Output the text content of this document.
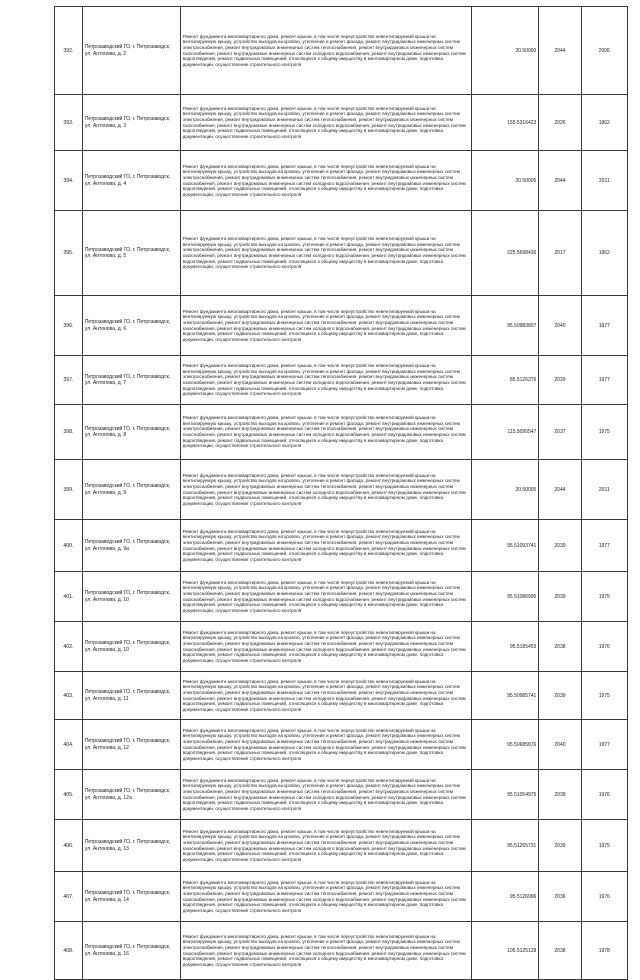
392.	Петрозаводский ГО, г. Петрозаводск, ул. Антонова, д. 2	Ремонт фундамента многоквартирного дома, ремонт крыши, в том числе переустройство невентилируемой крыши на вентилируемую крышу, устройство выходов на кровлю, утепление и ремонт фасада, ремонт внутридомовых инженерных систем электроснабжения, ремонт внутридомовых инженерных систем теплоснабжения, ремонт внутридомовых инженерных систем газоснабжения, ремонт внутридомовых инженерных систем холодного водоснабжения, ремонт внутридомовых инженерных систем водоотведения, ремонт подвальных помещений, относящихся к общему имуществу в многоквартирном доме, подготовка документации, осуществление строительного контроля	20.50000	2044	2006
393.	Петрозаводский ГО, г. Петрозаводск, ул. Антонова, д. 3	Ремонт фундамента многоквартирного дома, ремонт крыши, в том числе переустройство невентилируемой крыши на вентилируемую крышу, устройство выходов на кровлю, утепление и ремонт фасада, ремонт внутридомовых инженерных систем электроснабжения, ремонт внутридомовых инженерных систем теплоснабжения, ремонт внутридомовых инженерных систем газоснабжения, ремонт внутридомовых инженерных систем холодного водоснабжения, ремонт внутридомовых инженерных систем водоотведения, ремонт подвальных помещений, относящихся к общему имуществу в многоквартирном доме, подготовка документации, осуществление строительного контроля	155.5316423	2026	1962
394.	Петрозаводский ГО, г. Петрозаводск, ул. Антонова, д. 4	Ремонт фундамента многоквартирного дома, ремонт крыши, в том числе переустройство невентилируемой крыши на вентилируемую крышу, устройство выходов на кровлю, утепление и ремонт фасада, ремонт внутридомовых инженерных систем электроснабжения, ремонт внутридомовых инженерных систем теплоснабжения, ремонт внутридомовых инженерных систем газоснабжения, ремонт внутридомовых инженерных систем холодного водоснабжения, ремонт внутридомовых инженерных систем водоотведения, ремонт подвальных помещений, относящихся к общему имуществу в многоквартирном доме, подготовка документации, осуществление строительного контроля	20.50005	2044	2011
395.	Петрозаводский ГО, г. Петрозаводск, ул. Антонова, д. 5	Ремонт фундамента многоквартирного дома, ремонт крыши, в том числе переустройство невентилируемой крыши на вентилируемую крышу, устройство выходов на кровлю, утепление и ремонт фасада, ремонт внутридомовых инженерных систем электроснабжения, ремонт внутридомовых инженерных систем теплоснабжения, ремонт внутридомовых инженерных систем газоснабжения, ремонт внутридомовых инженерных систем холодного водоснабжения, ремонт внутридомовых инженерных систем водоотведения, ремонт подвальных помещений, относящихся к общему имуществу в многоквартирном доме, подготовка документации, осуществление строительного контроля	225.5698436	2017	1962
396.	Петрозаводский ГО, г. Петрозаводск, ул. Антонова, д. 6	Ремонт фундамента многоквартирного дома, ремонт крыши, в том числе переустройство невентилируемой крыши на вентилируемую крышу, устройство выходов на кровлю, утепление и ремонт фасада, ремонт внутридомовых инженерных систем электроснабжения, ремонт внутридомовых инженерных систем теплоснабжения, ремонт внутридомовых инженерных систем газоснабжения, ремонт внутридомовых инженерных систем холодного водоснабжения, ремонт внутридомовых инженерных систем водоотведения, ремонт подвальных помещений, относящихся к общему имуществу в многоквартирном доме, подготовка документации, осуществление строительного контроля	95.50983807	2040	1977
397.	Петрозаводский ГО, г. Петрозаводск, ул. Антонова, д. 7	Ремонт фундамента многоквартирного дома, ремонт крыши, в том числе переустройство невентилируемой крыши на вентилируемую крышу, устройство выходов на кровлю, утепление и ремонт фасада, ремонт внутридомовых инженерных систем электроснабжения, ремонт внутридомовых инженерных систем теплоснабжения, ремонт внутридомовых инженерных систем газоснабжения, ремонт внутридомовых инженерных систем холодного водоснабжения, ремонт внутридомовых инженерных систем водоотведения, ремонт подвальных помещений, относящихся к общему имуществу в многоквартирном доме, подготовка документации, осуществление строительного контроля	85.5126376	2039	1977
398.	Петрозаводский ГО, г. Петрозаводск, ул. Антонова, д. 8	Ремонт фундамента многоквартирного дома, ремонт крыши, в том числе переустройство невентилируемой крыши на вентилируемую крышу, устройство выходов на кровлю, утепление и ремонт фасада, ремонт внутридомовых инженерных систем электроснабжения, ремонт внутридомовых инженерных систем теплоснабжения, ремонт внутридомовых инженерных систем газоснабжения, ремонт внутридомовых инженерных систем холодного водоснабжения, ремонт внутридомовых инженерных систем водоотведения, ремонт подвальных помещений, относящихся к общему имуществу в многоквартирном доме, подготовка документации, осуществление строительного контроля	115.5095547	2037	1975
399.	Петрозаводский ГО, г. Петрозаводск, ул. Антонова, д. 9	Ремонт фундамента многоквартирного дома, ремонт крыши, в том числе переустройство невентилируемой крыши на вентилируемую крышу, устройство выходов на кровлю, утепление и ремонт фасада, ремонт внутридомовых инженерных систем электроснабжения, ремонт внутридомовых инженерных систем теплоснабжения, ремонт внутридомовых инженерных систем газоснабжения, ремонт внутридомовых инженерных систем холодного водоснабжения, ремонт внутридомовых инженерных систем водоотведения, ремонт подвальных помещений, относящихся к общему имуществу в многоквартирном доме, подготовка документации, осуществление строительного контроля	20.50005	2044	2011
400.	Петрозаводский ГО, г. Петрозаводск, ул. Антонова, д. 9а	Ремонт фундамента многоквартирного дома, ремонт крыши, в том числе переустройство невентилируемой крыши на вентилируемую крышу, устройство выходов на кровлю, утепление и ремонт фасада, ремонт внутридомовых инженерных систем электроснабжения, ремонт внутридомовых инженерных систем теплоснабжения, ремонт внутридомовых инженерных систем газоснабжения, ремонт внутридомовых инженерных систем холодного водоснабжения, ремонт внутридомовых инженерных систем водоотведения, ремонт подвальных помещений, относящихся к общему имуществу в многоквартирном доме, подготовка документации, осуществление строительного контроля	95.51093741	2039	1977
401.	Петрозаводский ГО, г. Петрозаводск, ул. Антонова, д. 10	Ремонт фундамента многоквартирного дома, ремонт крыши, в том числе переустройство невентилируемой крыши на вентилируемую крышу, устройство выходов на кровлю, утепление и ремонт фасада, ремонт внутридомовых инженерных систем электроснабжения, ремонт внутридомовых инженерных систем теплоснабжения, ремонт внутридомовых инженерных систем газоснабжения, ремонт внутридомовых инженерных систем холодного водоснабжения, ремонт внутридомовых инженерных систем водоотведения, ремонт подвальных помещений, относящихся к общему имуществу в многоквартирном доме, подготовка документации, осуществление строительного контроля	95.51086995	2039	1975
402.	Петрозаводский ГО, г. Петрозаводск, ул. Антонова, д. 10	Ремонт фундамента многоквартирного дома, ремонт крыши, в том числе переустройство невентилируемой крыши на вентилируемую крышу, устройство выходов на кровлю, утепление и ремонт фасада, ремонт внутридомовых инженерных систем электроснабжения, ремонт внутридомовых инженерных систем теплоснабжения, ремонт внутридомовых инженерных систем газоснабжения, ремонт внутридомовых инженерных систем холодного водоснабжения, ремонт внутридомовых инженерных систем водоотведения, ремонт подвальных помещений, относящихся к общему имуществу в многоквартирном доме, подготовка документации, осуществление строительного контроля	95.5185453	2038	1976
403.	Петрозаводский ГО, г. Петрозаводск, ул. Антонова, д. 11	Ремонт фундамента многоквартирного дома, ремонт крыши, в том числе переустройство невентилируемой крыши на вентилируемую крышу, устройство выходов на кровлю, утепление и ремонт фасада, ремонт внутридомовых инженерных систем электроснабжения, ремонт внутридомовых инженерных систем теплоснабжения, ремонт внутридомовых инженерных систем газоснабжения, ремонт внутридомовых инженерных систем холодного водоснабжения, ремонт внутридомовых инженерных систем водоотведения, ремонт подвальных помещений, относящихся к общему имуществу в многоквартирном доме, подготовка документации, осуществление строительного контроля	95.50985741	2039	1975
404.	Петрозаводский ГО, г. Петрозаводск, ул. Антонова, д. 12	Ремонт фундамента многоквартирного дома, ремонт крыши, в том числе переустройство невентилируемой крыши на вентилируемую крышу, устройство выходов на кровлю, утепление и ремонт фасада, ремонт внутридомовых инженерных систем электроснабжения, ремонт внутридомовых инженерных систем теплоснабжения, ремонт внутридомовых инженерных систем газоснабжения, ремонт внутридомовых инженерных систем холодного водоснабжения, ремонт внутридомовых инженерных систем водоотведения, ремонт подвальных помещений, относящихся к общему имуществу в многоквартирном доме, подготовка документации, осуществление строительного контроля	95.50685876	2040	1977
405.	Петрозаводский ГО, г. Петрозаводск, ул. Антонова, д. 12а	Ремонт фундамента многоквартирного дома, ремонт крыши, в том числе переустройство невентилируемой крыши на вентилируемую крышу, устройство выходов на кровлю, утепление и ремонт фасада, ремонт внутридомовых инженерных систем электроснабжения, ремонт внутридомовых инженерных систем теплоснабжения, ремонт внутридомовых инженерных систем газоснабжения, ремонт внутридомовых инженерных систем холодного водоснабжения, ремонт внутридомовых инженерных систем водоотведения, ремонт подвальных помещений, относящихся к общему имуществу в многоквартирном доме, подготовка документации, осуществление строительного контроля	95.51054975	2039	1976
406.	Петрозаводский ГО, г. Петрозаводск, ул. Антонова, д. 13	Ремонт фундамента многоквартирного дома, ремонт крыши, в том числе переустройство невентилируемой крыши на вентилируемую крышу, устройство выходов на кровлю, утепление и ремонт фасада, ремонт внутридомовых инженерных систем электроснабжения, ремонт внутридомовых инженерных систем теплоснабжения, ремонт внутридомовых инженерных систем газоснабжения, ремонт внутридомовых инженерных систем холодного водоснабжения, ремонт внутридомовых инженерных систем водоотведения, ремонт подвальных помещений, относящихся к общему имуществу в многоквартирном доме, подготовка документации, осуществление строительного контроля	95.51265731	2039	1975
407.	Петрозаводский ГО, г. Петрозаводск, ул. Антонова, д. 14	Ремонт фундамента многоквартирного дома, ремонт крыши, в том числе переустройство невентилируемой крыши на вентилируемую крышу, устройство выходов на кровлю, утепление и ремонт фасада, ремонт внутридомовых инженерных систем электроснабжения, ремонт внутридомовых инженерных систем теплоснабжения, ремонт внутридомовых инженерных систем газоснабжения, ремонт внутридомовых инженерных систем холодного водоснабжения, ремонт внутридомовых инженерных систем водоотведения, ремонт подвальных помещений, относящихся к общему имуществу в многоквартирном доме, подготовка документации, осуществление строительного контроля	95.5126996	2036	1976
408.	Петрозаводский ГО, г. Петрозаводск, ул. Антонова, д. 16	Ремонт фундамента многоквартирного дома, ремонт крыши, в том числе переустройство невентилируемой крыши на вентилируемую крышу, устройство выходов на кровлю, утепление и ремонт фасада, ремонт внутридомовых инженерных систем электроснабжения, ремонт внутридомовых инженерных систем теплоснабжения, ремонт внутридомовых инженерных систем газоснабжения, ремонт внутридомовых инженерных систем холодного водоснабжения, ремонт внутридомовых инженерных систем водоотведения, ремонт подвальных помещений, относящихся к общему имуществу в многоквартирном доме, подготовка документации, осуществление строительного контроля	105.5125128	2038	1978
